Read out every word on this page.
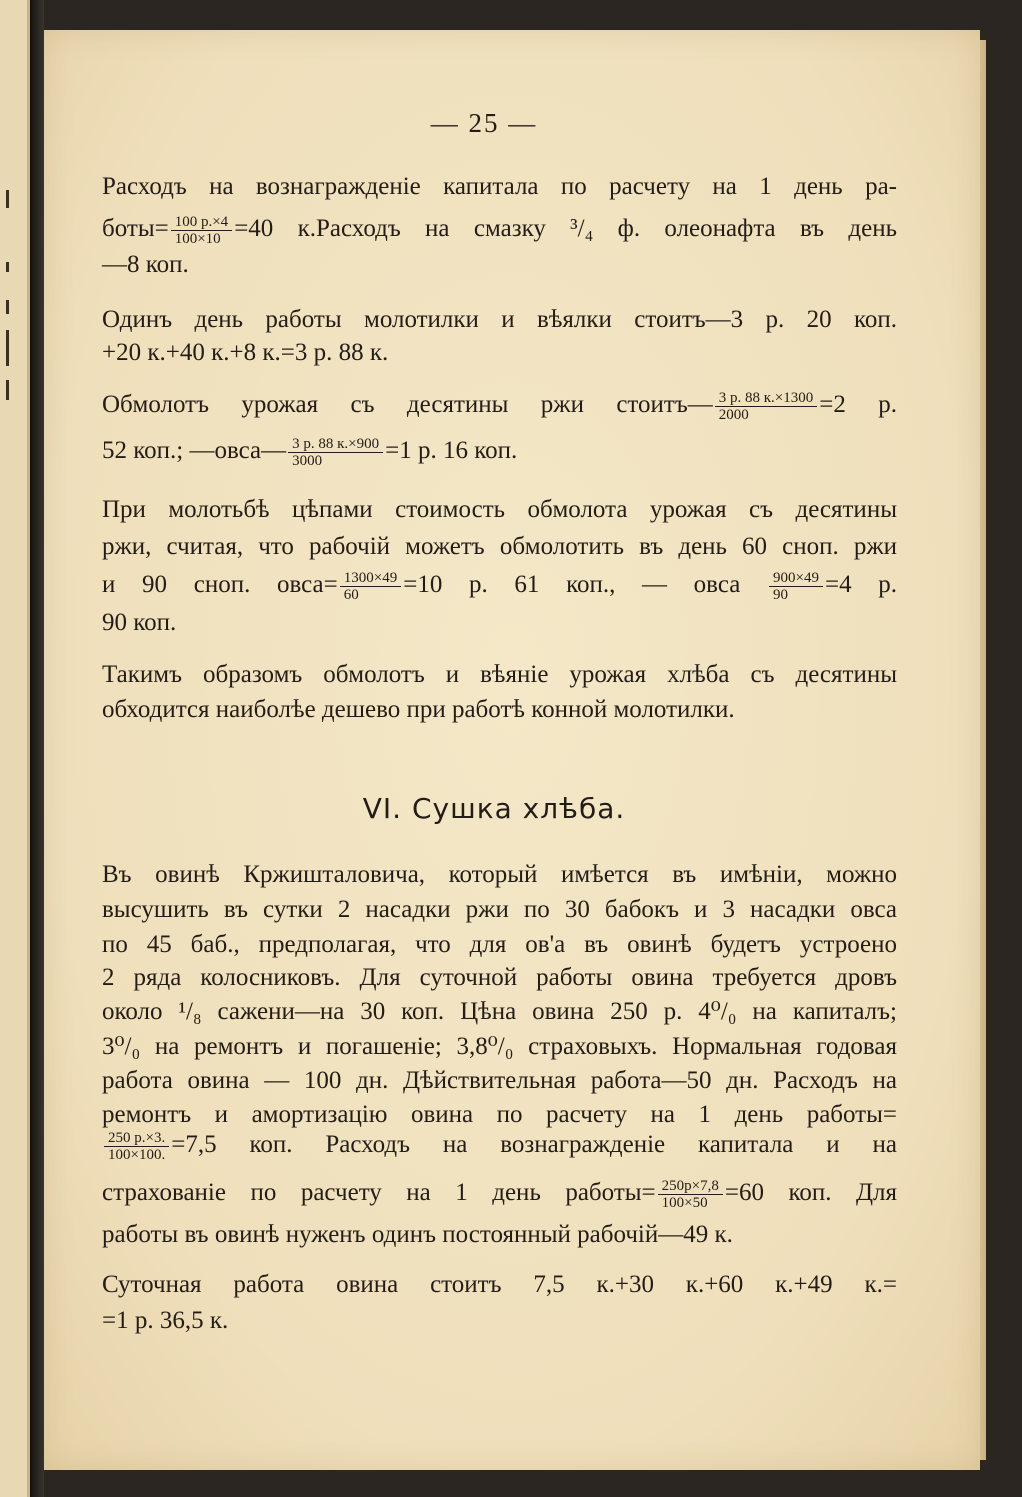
— 25 —
Расходъ на вознагражденіе капитала по расчету на 1 день ра-
боты= $\frac{100 р.\times 4}{100\times 10} =40$ к.Расходъ на смазку ³/₄ ф. олеонафта въ день
—8 коп.
Одинъ день работы молотилки и вѣялки стоитъ—3 р. 20 коп.
+20 к.+40 к.+8 к.=3 р. 88 к.
Обмолотъ урожая съ десятины ржи стоитъ— $\frac{3 р. 88 к.\times 1300}{2000} =2$ р.
52 коп.; —овса— $\frac{3 р. 88 к.\times 900}{3000} =1$ р. 16 коп.
При молотьбѣ цѣпами стоимость обмолота урожая съ десятины
ржи, считая, что рабочій можетъ обмолотить въ день 60 сноп. ржи
и 90 сноп. овса= $\frac{1300\times 49}{60} =10$ р. 61 коп., — овса $\frac{900\times 49}{90} =4$ р.
90 коп.
Такимъ образомъ обмолотъ и вѣяніе урожая хлѣба съ десятины
обходится наиболѣе дешево при работѣ конной молотилки.
VI. Сушка хлѣба.
Въ овинѣ Кржишталовича, который имѣется въ имѣніи, можно
высушить въ сутки 2 насадки ржи по 30 бабокъ и 3 насадки овса
по 45 баб., предполагая, что для ов'а въ овинѣ будетъ устроено
2 ряда колосниковъ. Для суточной работы овина требуется дровъ
около ¹/₈ сажени—на 30 коп. Цѣна овина 250 р. 4⁰/₀ на капиталъ;
3⁰/₀ на ремонтъ и погашеніе; 3,8⁰/₀ страховыхъ. Нормальная годовая
работа овина — 100 дн. Дѣйствительная работа—50 дн. Расходъ на
ремонтъ и амортизацію овина по расчету на 1 день работы=
$\frac{250 р.\times 3.}{100\times 100.} =7,5$ коп. Расходъ на вознагражденіе капитала и на
страхованіе по расчету на 1 день работы= $\frac{250р\times 7,8}{100\times 50} =60$ коп. Для
работы въ овинѣ нуженъ одинъ постоянный рабочій—49 к.
Суточная работа овина стоитъ 7,5 к.+30 к.+60 к.+49 к.=
=1 р. 36,5 к.
